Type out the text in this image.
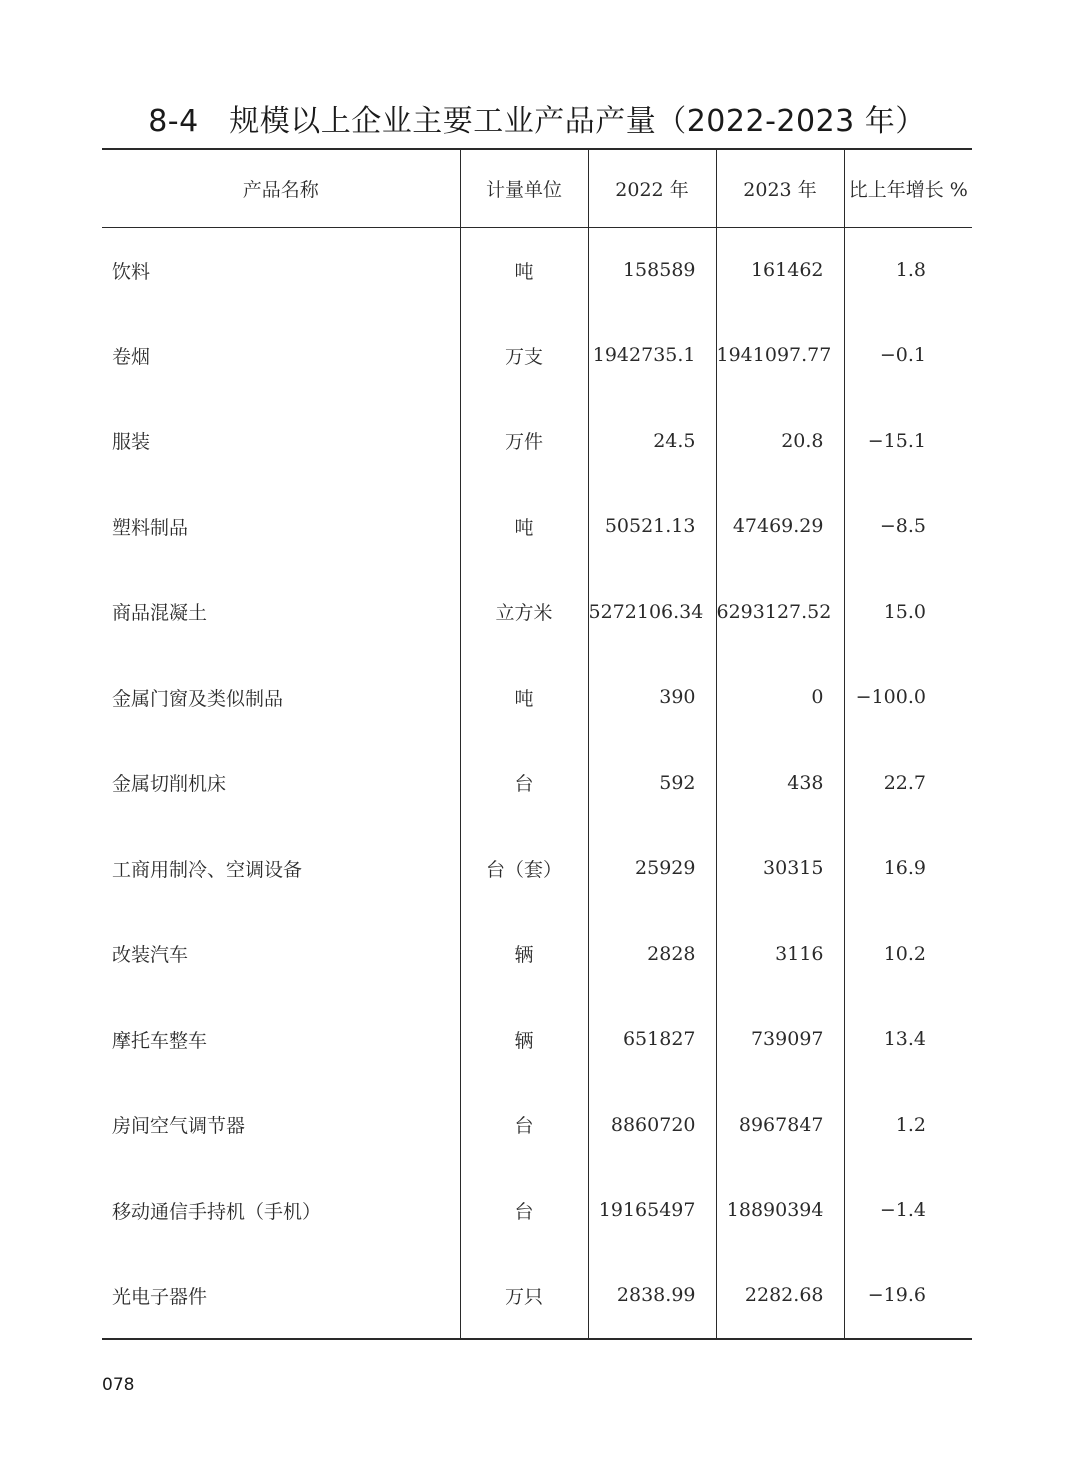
8-4　规模以上企业主要工业产品产量（2022-2023 年）
产品名称	计量单位	2022 年	2023 年	比上年增长 %
饮料	吨	158589	161462	1.8
卷烟	万支	1942735.1	1941097.77	−0.1
服装	万件	24.5	20.8	−15.1
塑料制品	吨	50521.13	47469.29	−8.5
商品混凝土	立方米	5272106.34	6293127.52	15.0
金属门窗及类似制品	吨	390	0	−100.0
金属切削机床	台	592	438	22.7
工商用制冷、空调设备	台（套）	25929	30315	16.9
改装汽车	辆	2828	3116	10.2
摩托车整车	辆	651827	739097	13.4
房间空气调节器	台	8860720	8967847	1.2
移动通信手持机（手机）	台	19165497	18890394	−1.4
光电子器件	万只	2838.99	2282.68	−19.6
078
